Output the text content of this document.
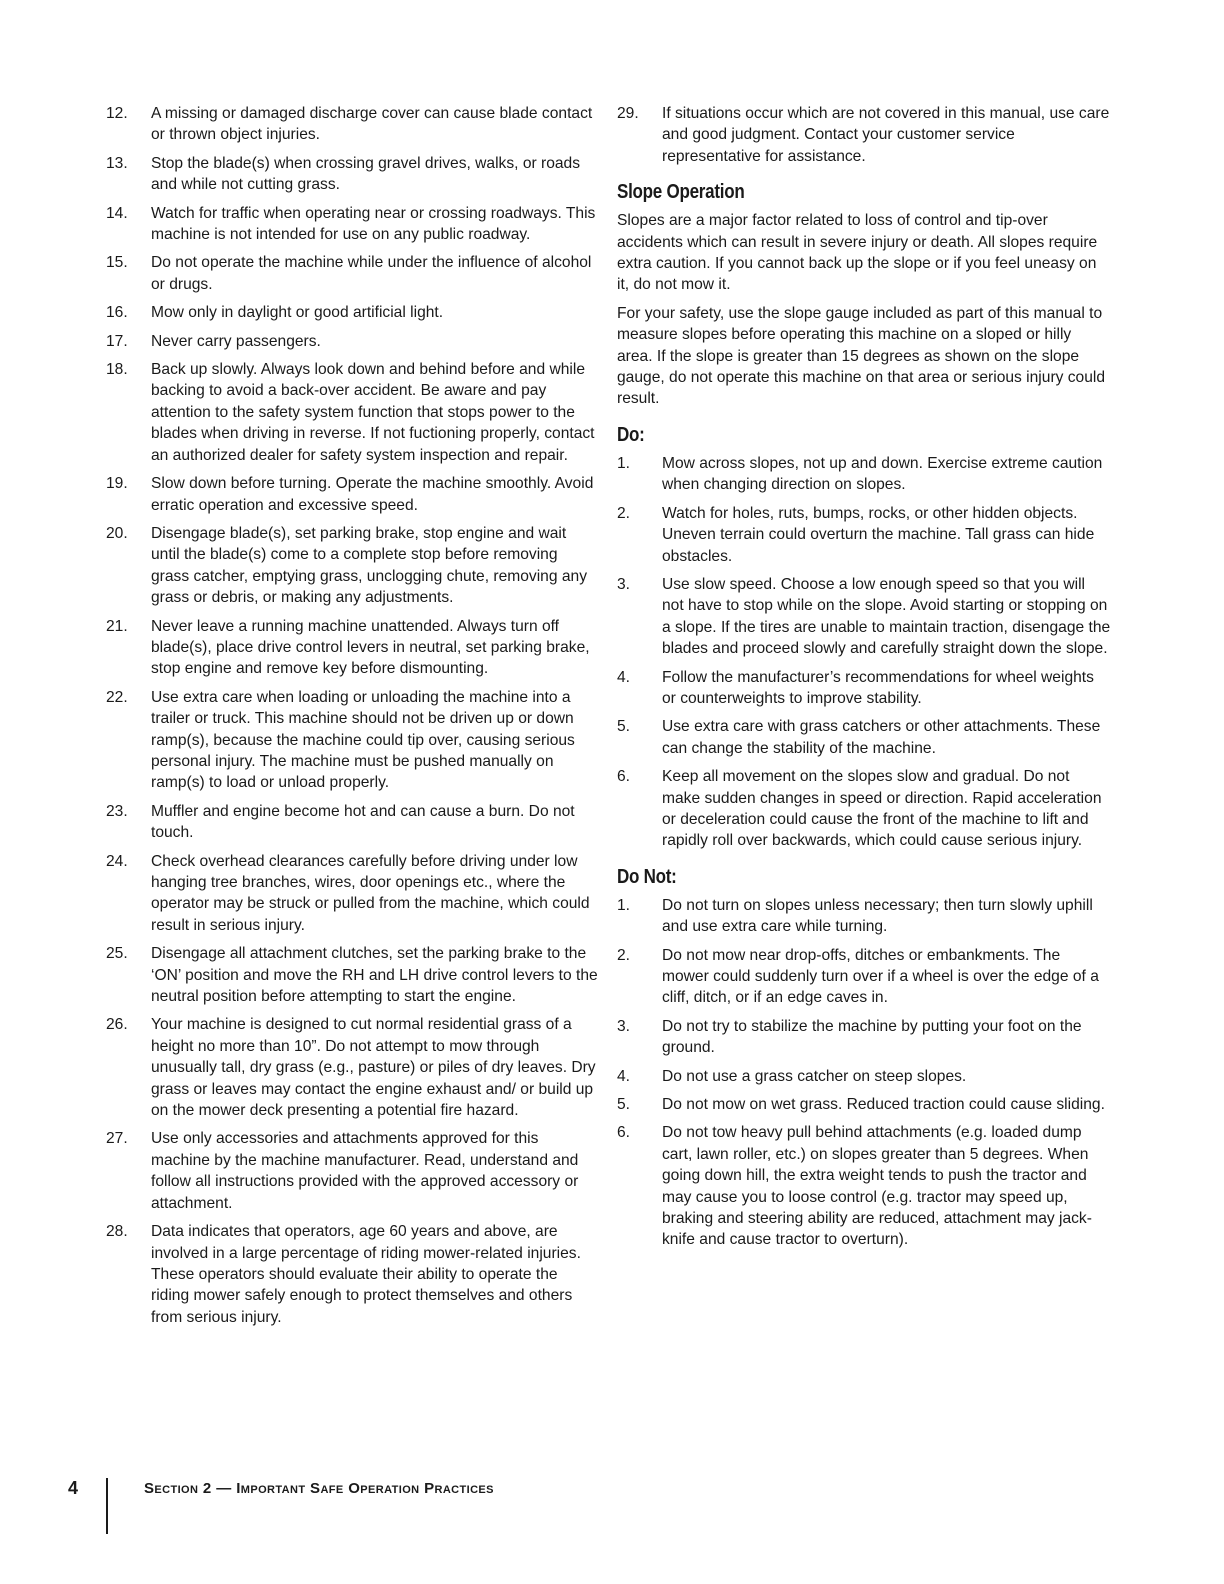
12. A missing or damaged discharge cover can cause blade contact or thrown object injuries.
13. Stop the blade(s) when crossing gravel drives, walks, or roads and while not cutting grass.
14. Watch for traffic when operating near or crossing roadways. This machine is not intended for use on any public roadway.
15. Do not operate the machine while under the influence of alcohol or drugs.
16. Mow only in daylight or good artificial light.
17. Never carry passengers.
18. Back up slowly. Always look down and behind before and while backing to avoid a back-over accident. Be aware and pay attention to the safety system function that stops power to the blades when driving in reverse. If not fuctioning properly, contact an authorized dealer for safety system inspection and repair.
19. Slow down before turning. Operate the machine smoothly. Avoid erratic operation and excessive speed.
20. Disengage blade(s), set parking brake, stop engine and wait until the blade(s) come to a complete stop before removing grass catcher, emptying grass, unclogging chute, removing any grass or debris, or making any adjustments.
21. Never leave a running machine unattended. Always turn off blade(s), place drive control levers in neutral, set parking brake, stop engine and remove key before dismounting.
22. Use extra care when loading or unloading the machine into a trailer or truck. This machine should not be driven up or down ramp(s), because the machine could tip over, causing serious personal injury. The machine must be pushed manually on ramp(s) to load or unload properly.
23. Muffler and engine become hot and can cause a burn. Do not touch.
24. Check overhead clearances carefully before driving under low hanging tree branches, wires, door openings etc., where the operator may be struck or pulled from the machine, which could result in serious injury.
25. Disengage all attachment clutches, set the parking brake to the ‘ON’ position and move the RH and LH drive control levers to the neutral position before attempting to start the engine.
26. Your machine is designed to cut normal residential grass of a height no more than 10”. Do not attempt to mow through unusually tall, dry grass (e.g., pasture) or piles of dry leaves. Dry grass or leaves may contact the engine exhaust and/ or build up on the mower deck presenting a potential fire hazard.
27. Use only accessories and attachments approved for this machine by the machine manufacturer. Read, understand and follow all instructions provided with the approved accessory or attachment.
28. Data indicates that operators, age 60 years and above, are involved in a large percentage of riding mower-related injuries. These operators should evaluate their ability to operate the riding mower safely enough to protect themselves and others from serious injury.
29. If situations occur which are not covered in this manual, use care and good judgment. Contact your customer service representative for assistance.
Slope Operation

Slopes are a major factor related to loss of control and tip-over accidents which can result in severe injury or death. All slopes require extra caution. If you cannot back up the slope or if you feel uneasy on it, do not mow it.

For your safety, use the slope gauge included as part of this manual to measure slopes before operating this machine on a sloped or hilly area. If the slope is greater than 15 degrees as shown on the slope gauge, do not operate this machine on that area or serious injury could result.

Do:
1. Mow across slopes, not up and down. Exercise extreme caution when changing direction on slopes.
2. Watch for holes, ruts, bumps, rocks, or other hidden objects. Uneven terrain could overturn the machine. Tall grass can hide obstacles.
3. Use slow speed. Choose a low enough speed so that you will not have to stop while on the slope. Avoid starting or stopping on a slope. If the tires are unable to maintain traction, disengage the blades and proceed slowly and carefully straight down the slope.
4. Follow the manufacturer’s recommendations for wheel weights or counterweights to improve stability.
5. Use extra care with grass catchers or other attachments. These can change the stability of the machine.
6. Keep all movement on the slopes slow and gradual. Do not make sudden changes in speed or direction. Rapid acceleration or deceleration could cause the front of the machine to lift and rapidly roll over backwards, which could cause serious injury.
Do Not:
1. Do not turn on slopes unless necessary; then turn slowly uphill and use extra care while turning.
2. Do not mow near drop-offs, ditches or embankments. The mower could suddenly turn over if a wheel is over the edge of a cliff, ditch, or if an edge caves in.
3. Do not try to stabilize the machine by putting your foot on the ground.
4. Do not use a grass catcher on steep slopes.
5. Do not mow on wet grass. Reduced traction could cause sliding.
6. Do not tow heavy pull behind attachments (e.g. loaded dump cart, lawn roller, etc.) on slopes greater than 5 degrees. When going down hill, the extra weight tends to push the tractor and may cause you to loose control (e.g. tractor may speed up, braking and steering ability are reduced, attachment may jack-knife and cause tractor to overturn).
4	Section 2 — Important Safe Operation Practices
